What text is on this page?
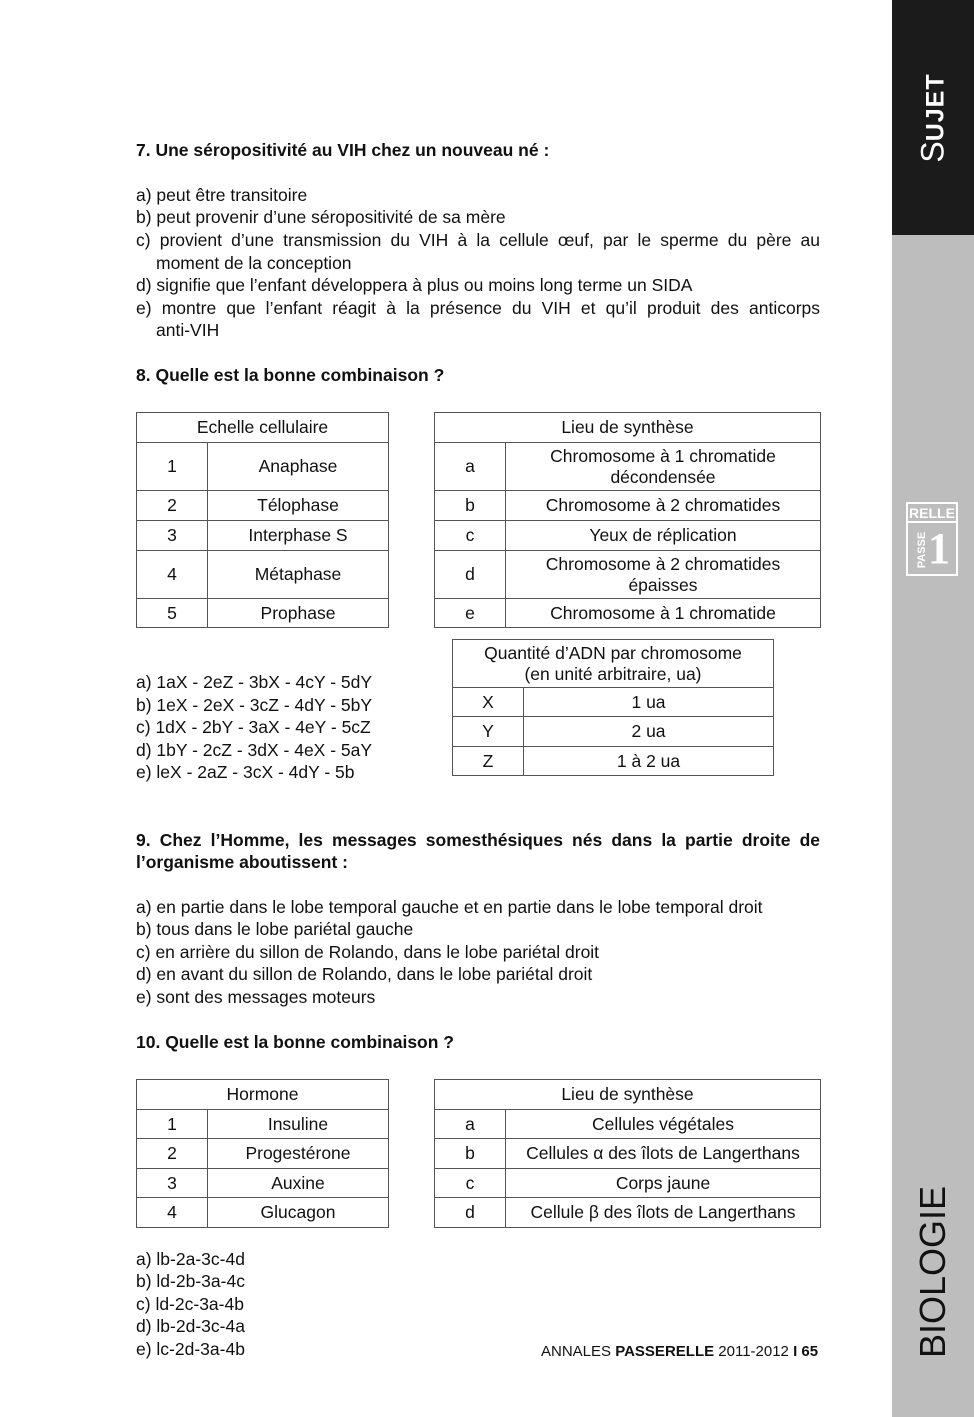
SUJET
RELLE
PASSE 1
BIOLOGIE
7. Une séropositivité au VIH chez un nouveau né :
a) peut être transitoire
b) peut provenir d’une séropositivité de sa mère
c) provient d’une transmission du VIH à la cellule œuf, par le sperme du père au
moment de la conception
d) signifie que l’enfant développera à plus ou moins long terme un SIDA
e) montre que l’enfant réagit à la présence du VIH et qu’il produit des anticorps
anti-VIH
8. Quelle est la bonne combinaison ?
Echelle cellulaire	
1	Anaphase
2	Télophase
3	Interphase S
4	Métaphase
5	Prophase
Lieu de synthèse	
a	Chromosome à 1 chromatide décondensée
b	Chromosome à 2 chromatides
c	Yeux de réplication
d	Chromosome à 2 chromatides épaisses
e	Chromosome à 1 chromatide
Quantité d’ADN par chromosome
(en unité arbitraire, ua)	
X	1 ua
Y	2 ua
Z	1 à 2 ua
a) 1aX - 2eZ - 3bX - 4cY - 5dY
b) 1eX - 2eX - 3cZ - 4dY - 5bY
c) 1dX - 2bY - 3aX - 4eY - 5cZ
d) 1bY - 2cZ - 3dX - 4eX - 5aY
e) leX - 2aZ - 3cX - 4dY - 5b
9. Chez l’Homme, les messages somesthésiques nés dans la partie droite de
l’organisme aboutissent :
a) en partie dans le lobe temporal gauche et en partie dans le lobe temporal droit
b) tous dans le lobe pariétal gauche
c) en arrière du sillon de Rolando, dans le lobe pariétal droit
d) en avant du sillon de Rolando, dans le lobe pariétal droit
e) sont des messages moteurs
10. Quelle est la bonne combinaison ?
Hormone	
1	Insuline
2	Progestérone
3	Auxine
4	Glucagon
Lieu de synthèse	
a	Cellules végétales
b	Cellules α des îlots de Langerthans
c	Corps jaune
d	Cellule β des îlots de Langerthans
a) lb-2a-3c-4d
b) ld-2b-3a-4c
c) ld-2c-3a-4b
d) lb-2d-3c-4a
e) lc-2d-3a-4b	ANNALES PASSERELLE 2011-2012 I 65
